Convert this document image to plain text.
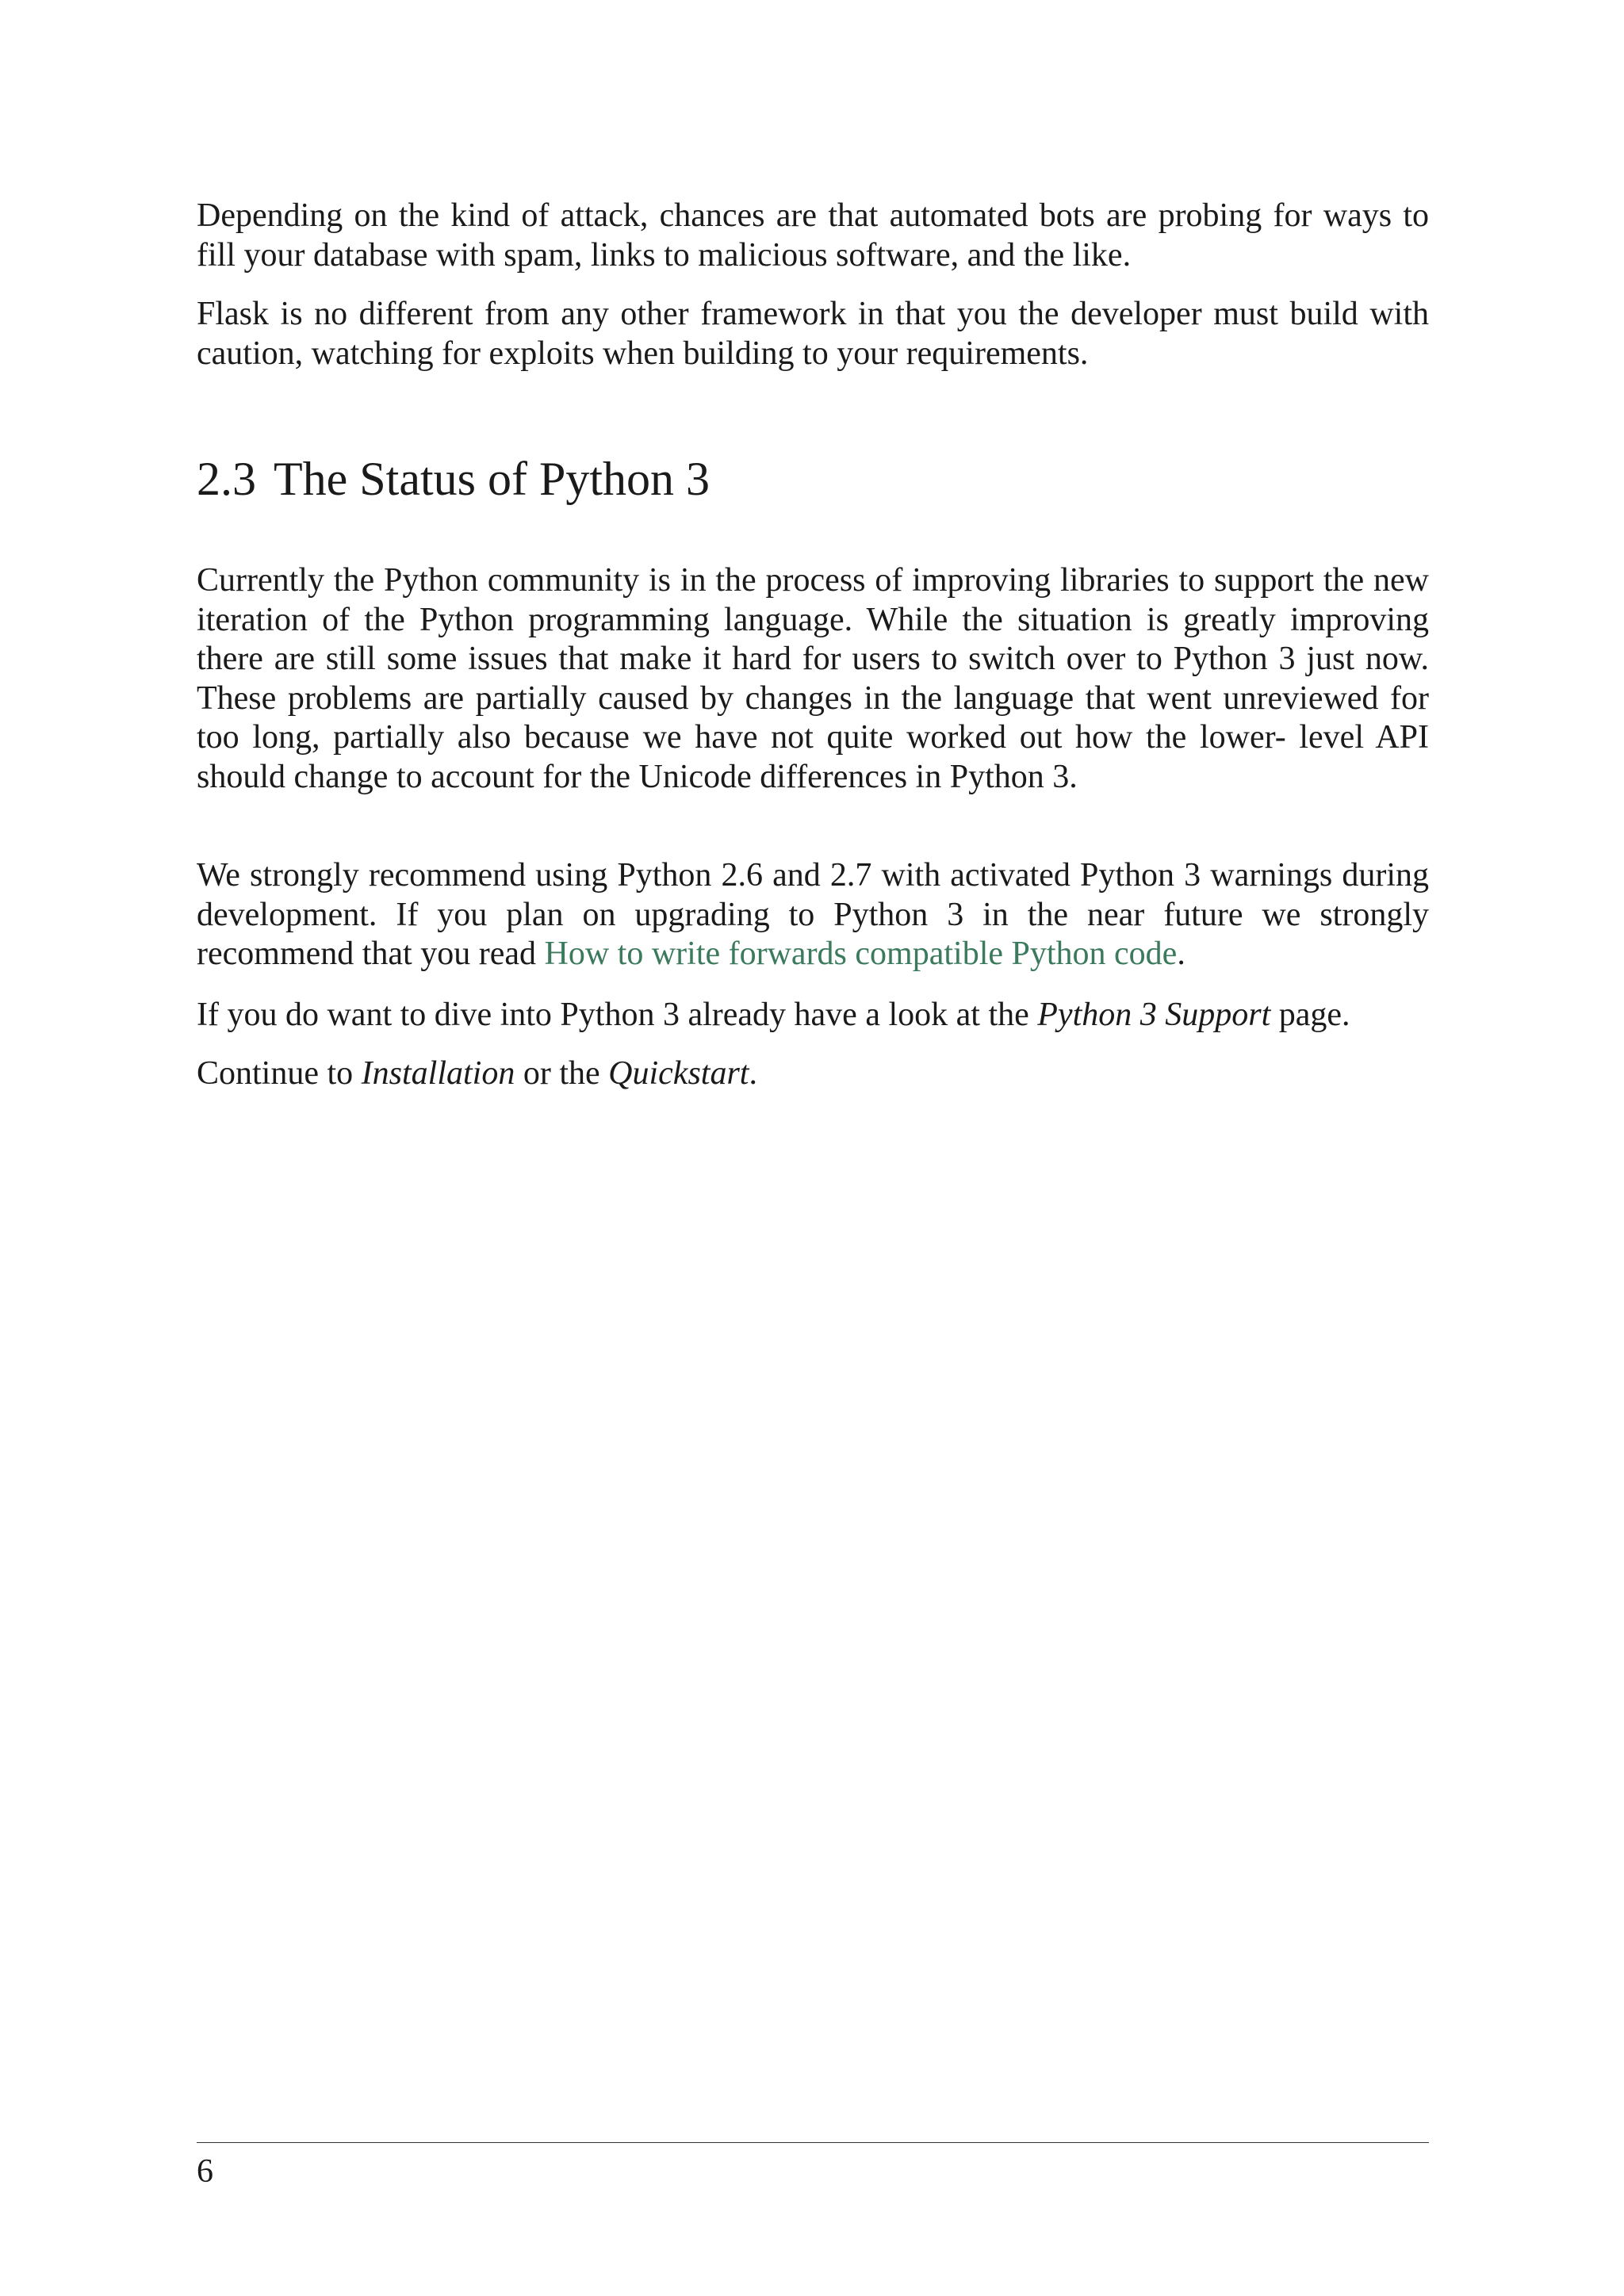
Depending on the kind of attack, chances are that automated bots are probing for ways to fill your database with spam, links to malicious software, and the like.

Flask is no different from any other framework in that you the developer must build with caution, watching for exploits when building to your requirements.

2.3 The Status of Python 3

Currently the Python community is in the process of improving libraries to support the new iteration of the Python programming language. While the situation is greatly improving there are still some issues that make it hard for users to switch over to Python 3 just now. These problems are partially caused by changes in the language that went unreviewed for too long, partially also because we have not quite worked out how the lower- level API should change to account for the Unicode differences in Python 3.

We strongly recommend using Python 2.6 and 2.7 with activated Python 3 warnings during development. If you plan on upgrading to Python 3 in the near future we strongly recommend that you read How to write forwards compatible Python code.

If you do want to dive into Python 3 already have a look at the Python 3 Support page.

Continue to Installation or the Quickstart.

6
